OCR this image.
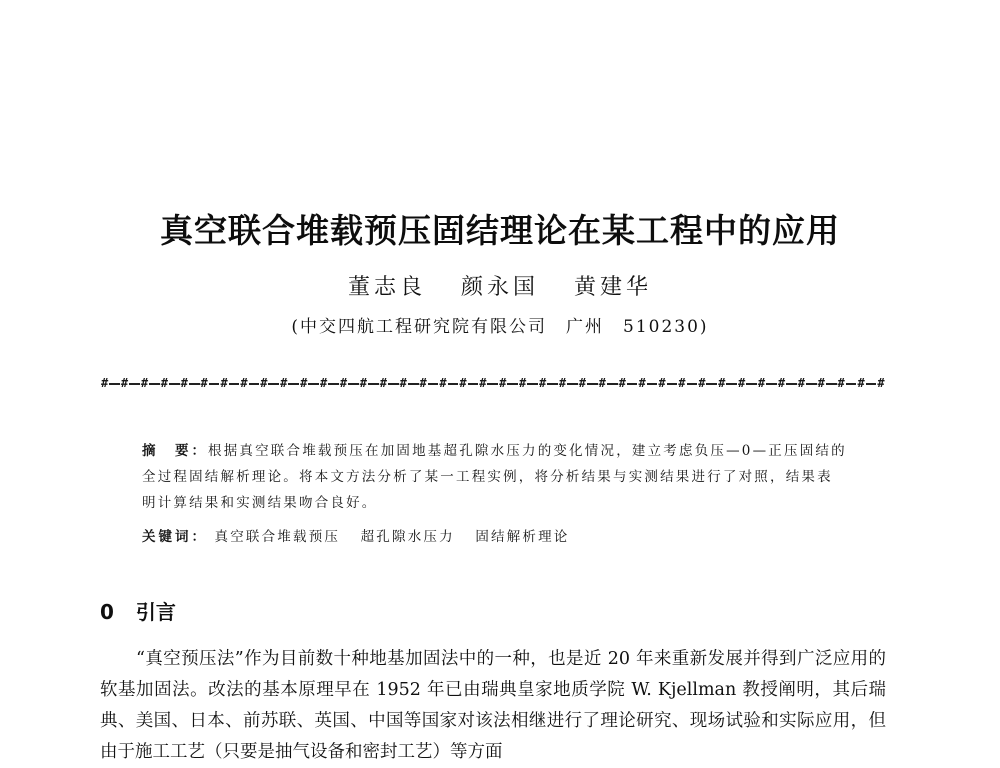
真空联合堆载预压固结理论在某工程中的应用
董志良 颜永国 黄建华
(中交四航工程研究院有限公司　广州　510230)
# # # # # # # # # # # # # # # # # # # # # # # # # # # # # # # # # # # # # # # #
摘　要：根据真空联合堆载预压在加固地基超孔隙水压力的变化情况，建立考虑负压—0—正压固结的全过程固结解析理论。将本文方法分析了某一工程实例，将分析结果与实测结果进行了对照，结果表明计算结果和实测结果吻合良好。
关键词： 真空联合堆载预压 超孔隙水压力 固结解析理论
0 引言

“真空预压法”作为目前数十种地基加固法中的一种，也是近 20 年来重新发展并得到广泛应用的软基加固法。改法的基本原理早在 1952 年已由瑞典皇家地质学院 W. Kjellman 教授阐明，其后瑞典、美国、日本、前苏联、英国、中国等国家对该法相继进行了理论研究、现场试验和实际应用，但由于施工工艺（只要是抽气设备和密封工艺）等方面
